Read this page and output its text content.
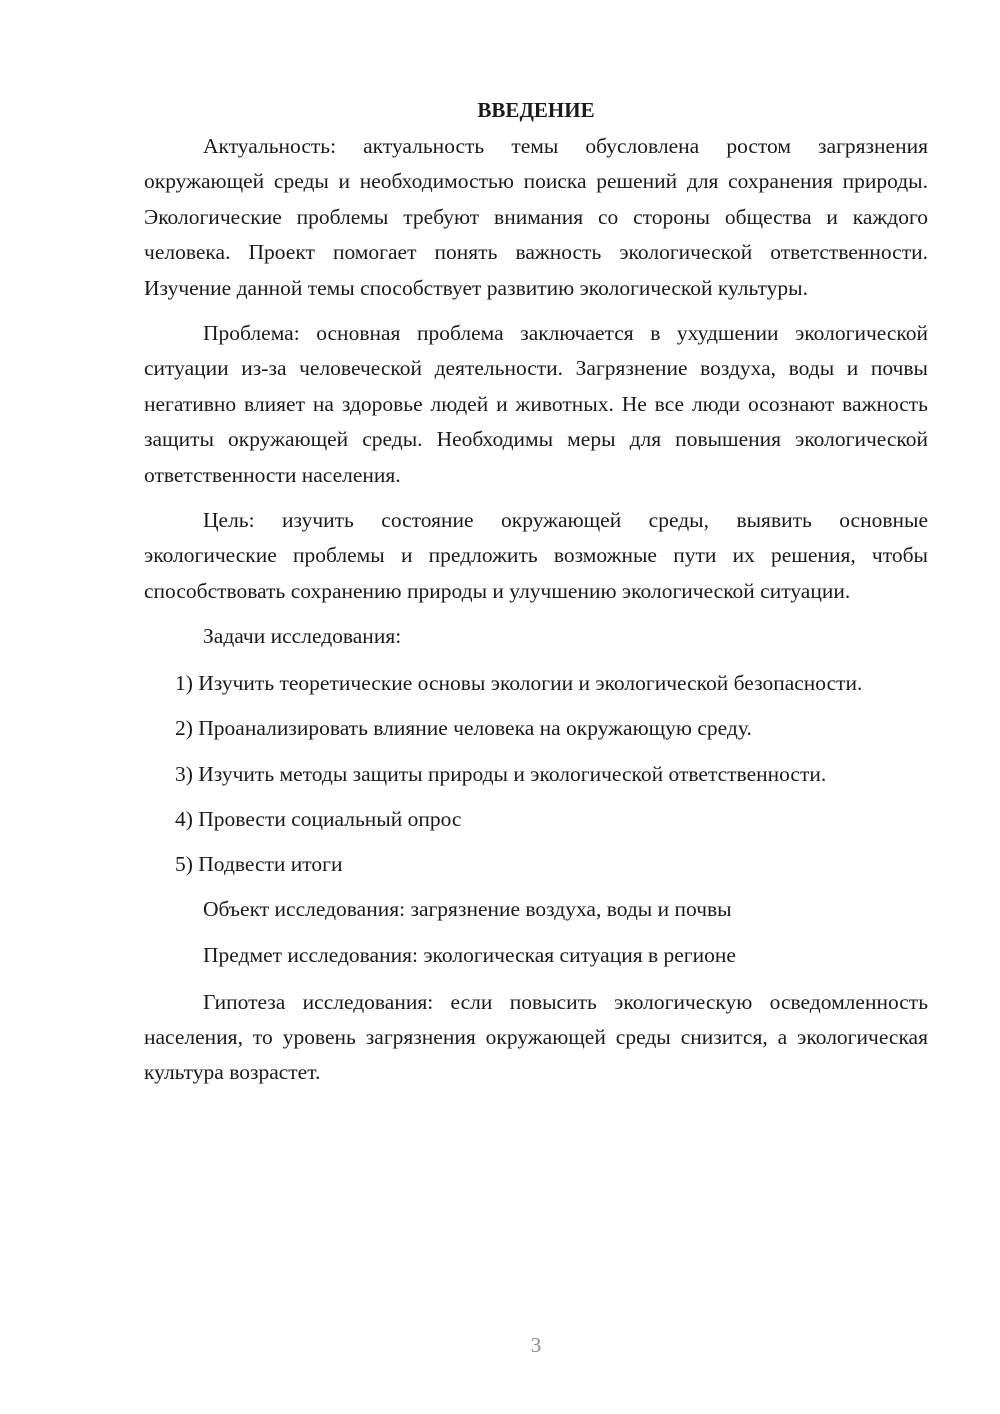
ВВЕДЕНИЕ

Актуальность: актуальность темы обусловлена ростом загрязнения окружающей среды и необходимостью поиска решений для сохранения природы. Экологические проблемы требуют внимания со стороны общества и каждого человека. Проект помогает понять важность экологической ответственности. Изучение данной темы способствует развитию экологической культуры.

Проблема: основная проблема заключается в ухудшении экологической ситуации из-за человеческой деятельности. Загрязнение воздуха, воды и почвы негативно влияет на здоровье людей и животных. Не все люди осознают важность защиты окружающей среды. Необходимы меры для повышения экологической ответственности населения.

Цель: изучить состояние окружающей среды, выявить основные экологические проблемы и предложить возможные пути их решения, чтобы способствовать сохранению природы и улучшению экологической ситуации.

Задачи исследования:

1) Изучить теоретические основы экологии и экологической безопасности.

2) Проанализировать влияние человека на окружающую среду.

3) Изучить методы защиты природы и экологической ответственности.

4) Провести социальный опрос

5) Подвести итоги

Объект исследования: загрязнение воздуха, воды и почвы

Предмет исследования: экологическая ситуация в регионе

Гипотеза исследования: если повысить экологическую осведомленность населения, то уровень загрязнения окружающей среды снизится, а экологическая культура возрастет.

3
